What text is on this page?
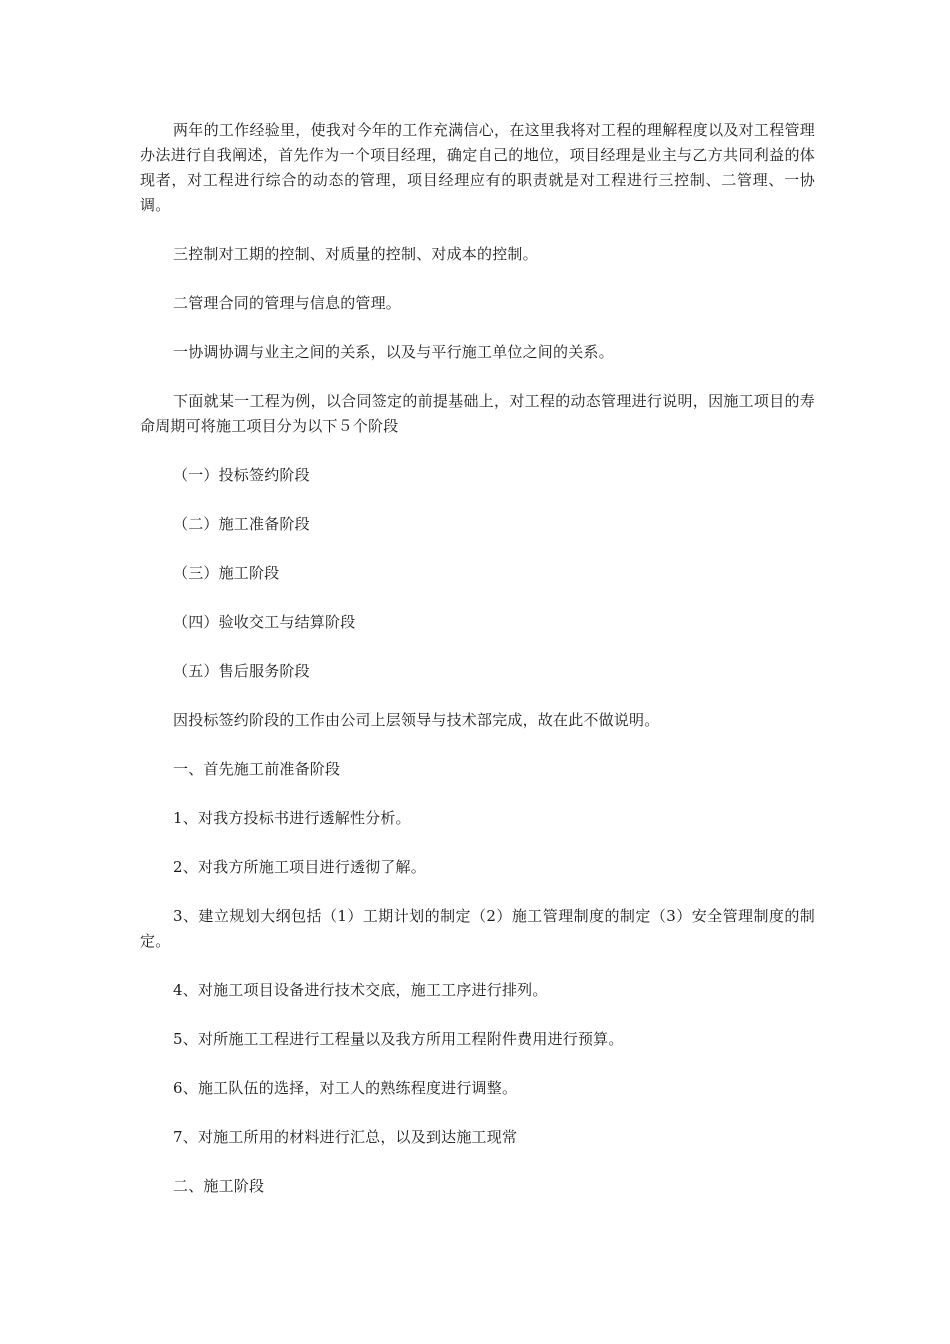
两年的工作经验里，使我对今年的工作充满信心，在这里我将对工程的理解程度以及对工程管理办法进行自我阐述，首先作为一个项目经理，确定自己的地位，项目经理是业主与乙方共同利益的体现者，对工程进行综合的动态的管理，项目经理应有的职责就是对工程进行三控制、二管理、一协调。

三控制对工期的控制、对质量的控制、对成本的控制。

二管理合同的管理与信息的管理。

一协调协调与业主之间的关系，以及与平行施工单位之间的关系。

下面就某一工程为例，以合同签定的前提基础上，对工程的动态管理进行说明，因施工项目的寿命周期可将施工项目分为以下５个阶段

（一）投标签约阶段

（二）施工准备阶段

（三）施工阶段

（四）验收交工与结算阶段

（五）售后服务阶段

因投标签约阶段的工作由公司上层领导与技术部完成，故在此不做说明。

一、首先施工前准备阶段

1、对我方投标书进行透解性分析。

2、对我方所施工项目进行透彻了解。

3、建立规划大纲包括（1）工期计划的制定（2）施工管理制度的制定（3）安全管理制度的制定。

4、对施工项目设备进行技术交底，施工工序进行排列。

5、对所施工工程进行工程量以及我方所用工程附件费用进行预算。

6、施工队伍的选择，对工人的熟练程度进行调整。

7、对施工所用的材料进行汇总，以及到达施工现常

二、施工阶段
